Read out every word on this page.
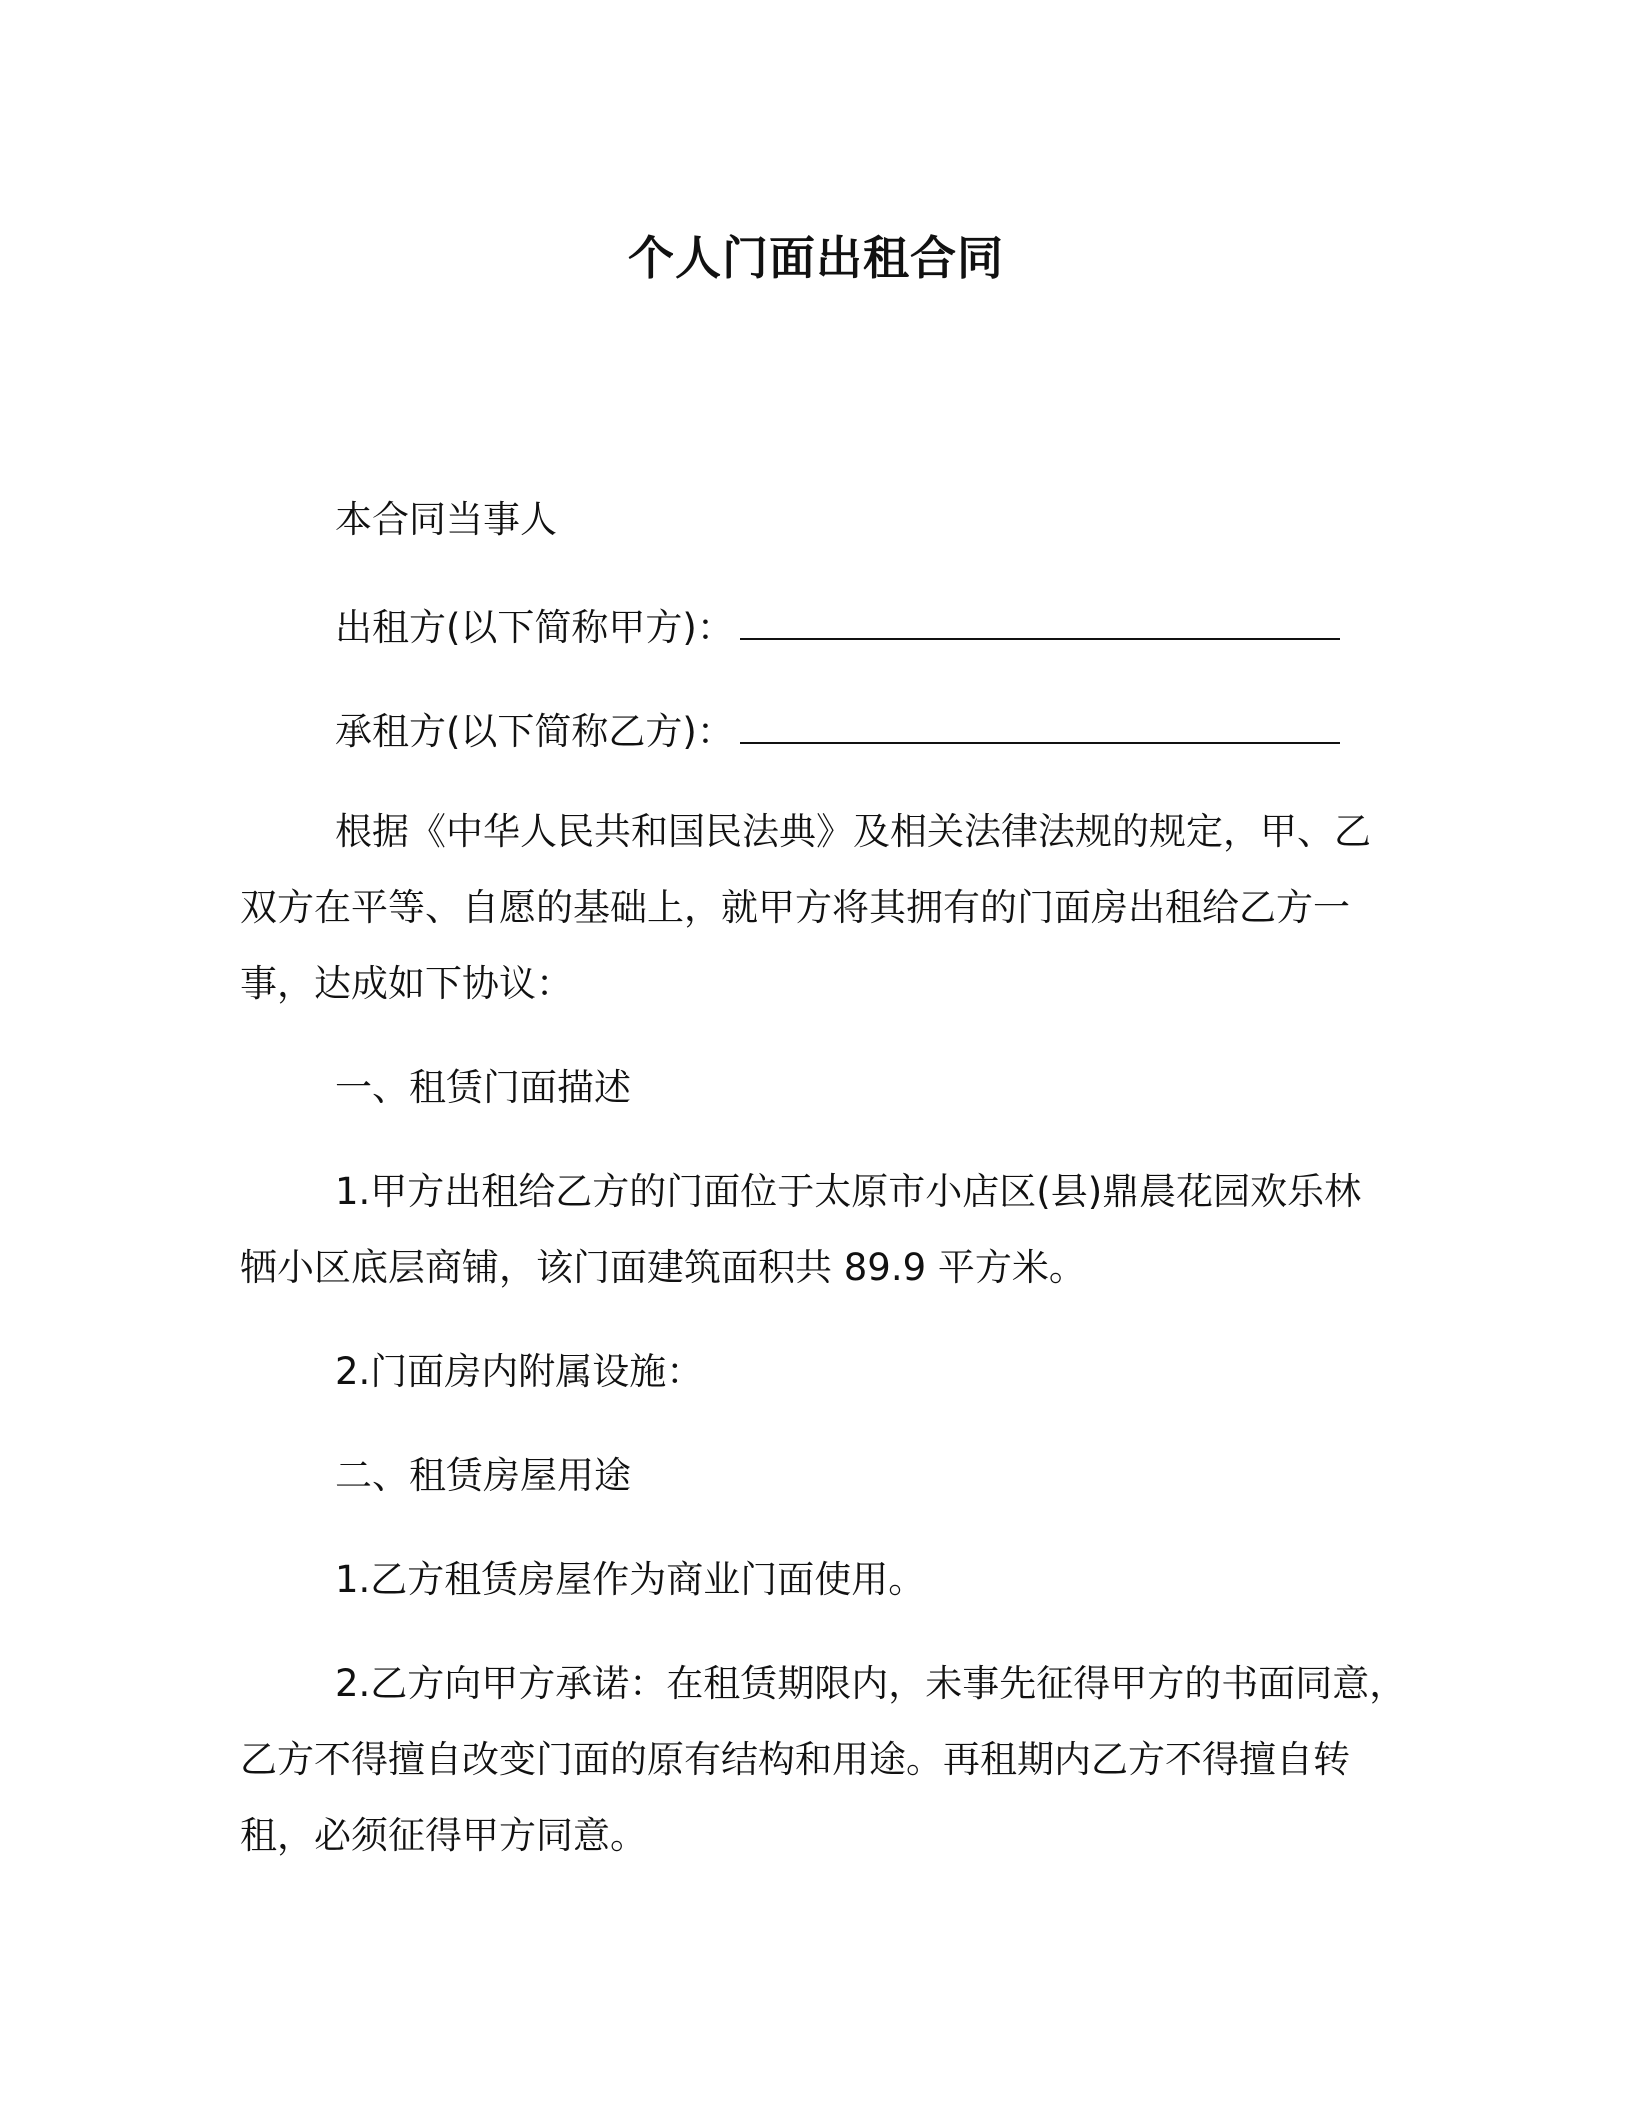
个人门面出租合同

本合同当事人

出租方(以下简称甲方)：

承租方(以下简称乙方)：

根据《中华人民共和国民法典》及相关法律法规的规定，甲、乙

双方在平等、自愿的基础上，就甲方将其拥有的门面房出租给乙方一

事，达成如下协议：

一、租赁门面描述

1.甲方出租给乙方的门面位于太原市小店区(县)鼎晨花园欢乐林

牺小区底层商铺，该门面建筑面积共 89.9 平方米。

2.门面房内附属设施：

二、租赁房屋用途

1.乙方租赁房屋作为商业门面使用。

2.乙方向甲方承诺：在租赁期限内，未事先征得甲方的书面同意，

乙方不得擅自改变门面的原有结构和用途。再租期内乙方不得擅自转

租，必须征得甲方同意。
